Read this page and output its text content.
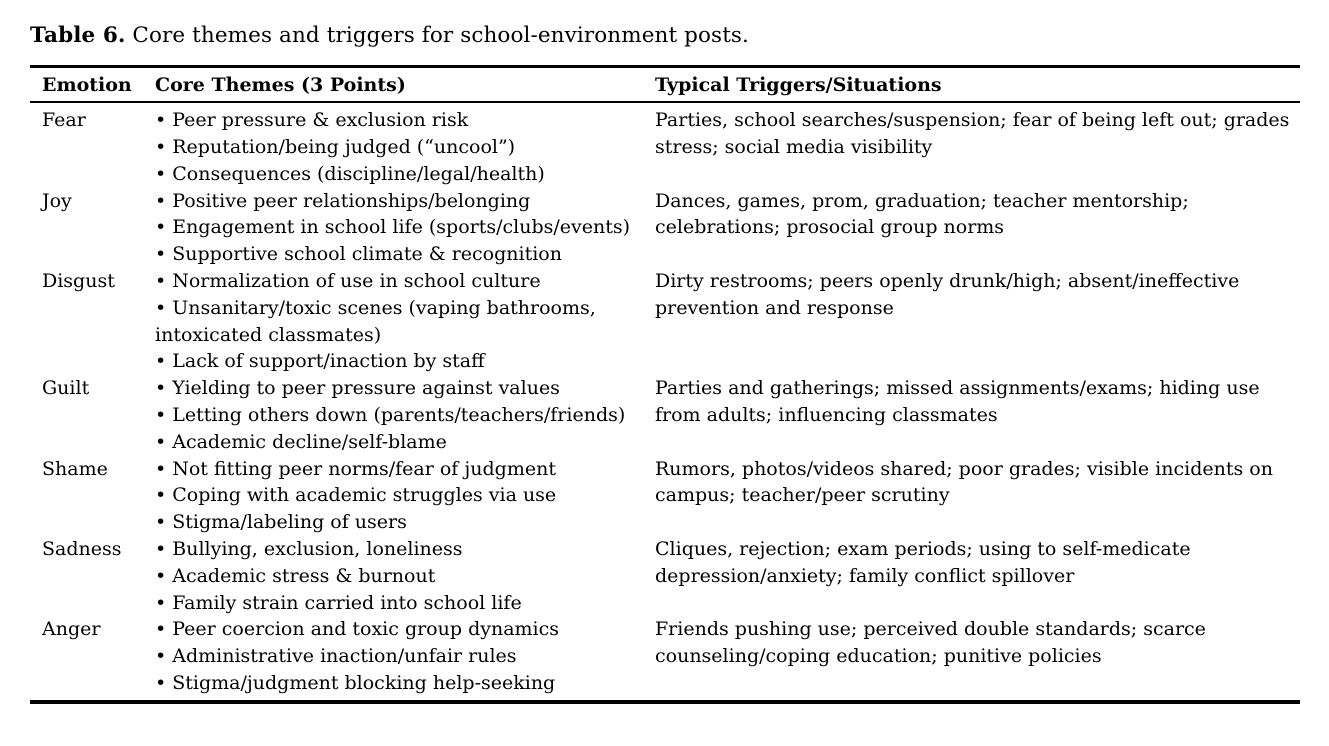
Table 6. Core themes and triggers for school-environment posts.

Emotion	Core Themes (3 Points)	Typical Triggers/Situations
Fear	• Peer pressure & exclusion risk
• Reputation/being judged (“uncool”)
• Consequences (discipline/legal/health)	Parties, school searches/suspension; fear of being left out; grades stress; social media visibility
Joy	• Positive peer relationships/belonging
• Engagement in school life (sports/clubs/events)
• Supportive school climate & recognition	Dances, games, prom, graduation; teacher mentorship; celebrations; prosocial group norms
Disgust	• Normalization of use in school culture
• Unsanitary/toxic scenes (vaping bathrooms, intoxicated classmates)
• Lack of support/inaction by staff	Dirty restrooms; peers openly drunk/high; absent/ineffective prevention and response
Guilt	• Yielding to peer pressure against values
• Letting others down (parents/teachers/friends)
• Academic decline/self-blame	Parties and gatherings; missed assignments/exams; hiding use from adults; influencing classmates
Shame	• Not fitting peer norms/fear of judgment
• Coping with academic struggles via use
• Stigma/labeling of users	Rumors, photos/videos shared; poor grades; visible incidents on campus; teacher/peer scrutiny
Sadness	• Bullying, exclusion, loneliness
• Academic stress & burnout
• Family strain carried into school life	Cliques, rejection; exam periods; using to self-medicate depression/anxiety; family conflict spillover
Anger	• Peer coercion and toxic group dynamics
• Administrative inaction/unfair rules
• Stigma/judgment blocking help-seeking	Friends pushing use; perceived double standards; scarce counseling/coping education; punitive policies
